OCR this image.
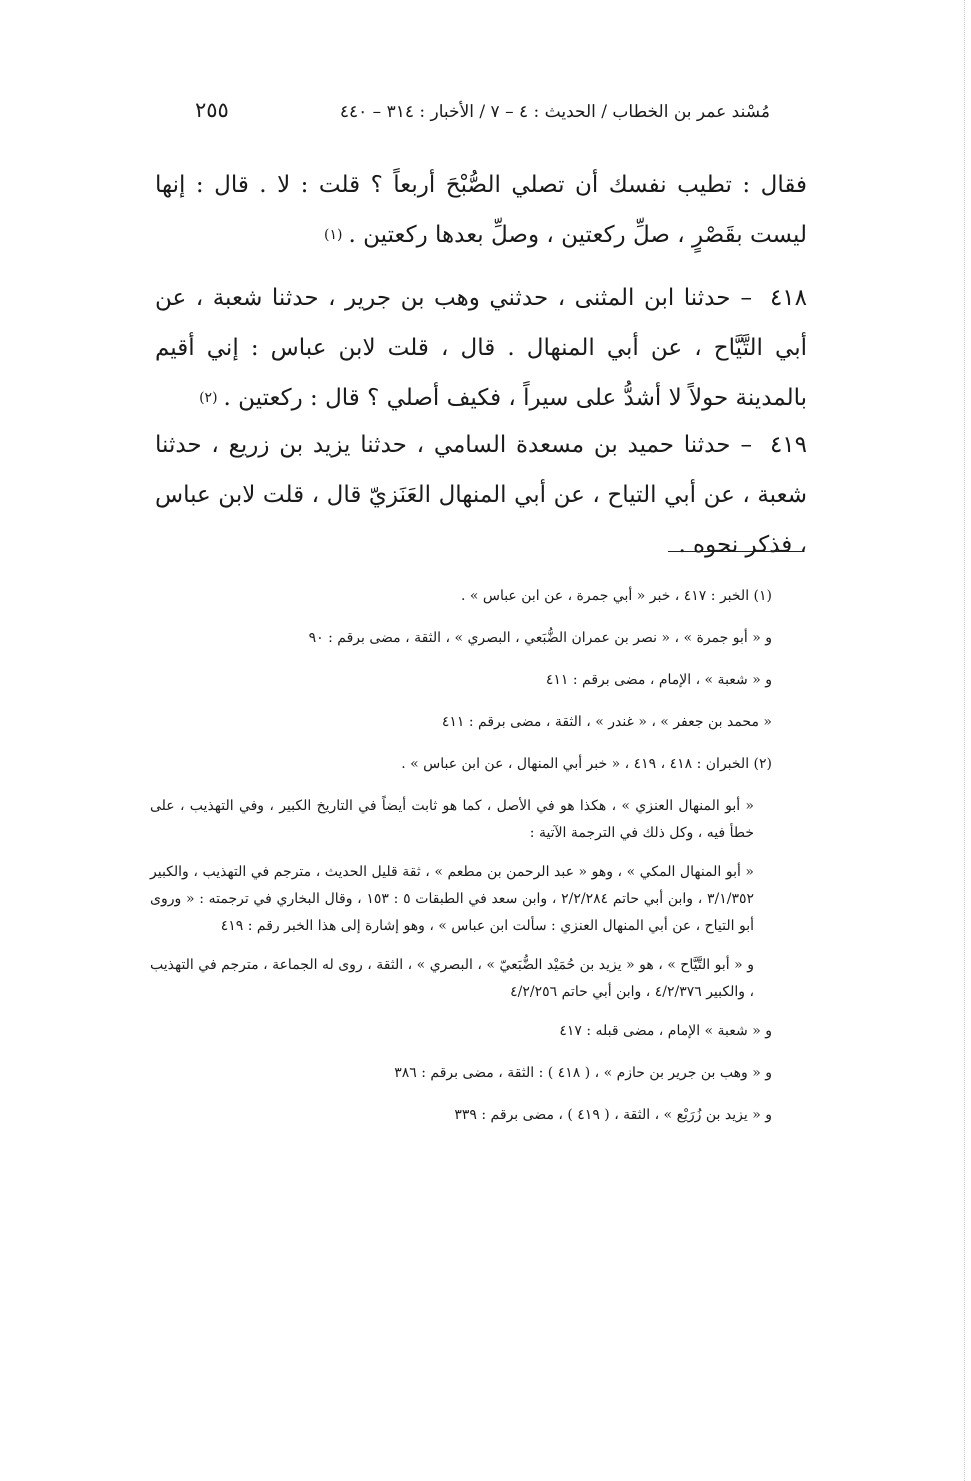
مُسْند عمر بن الخطاب / الحديث : ٤ – ٧ / الأخبار : ٣١٤ – ٤٤٠
٢٥٥
فقال : تطيب نفسك أن تصلي الصُّبْحَ أربعاً ؟ قلت : لا . قال : إنها ليست بقَصْرٍ ، صلِّ ركعتين ، وصلِّ بعدها ركعتين .$^{(١)}$
٤١٨–حدثنا ابن المثنى ، حدثني وهب بن جرير ، حدثنا شعبة ، عن أبي التَّيَّاح ، عن أبي المنهال . قال ، قلت لابن عباس : إني أقيم بالمدينة حولاً لا أشدُّ على سيراً ، فكيف أصلي ؟ قال : ركعتين .$^{(٢)}$
٤١٩–حدثنا حميد بن مسعدة السامي ، حدثنا يزيد بن زريع ، حدثنا شعبة ، عن أبي التياح ، عن أبي المنهال العَنَزيّ قال ، قلت لابن عباس ، فذكر نحوه .

(١) الخبر : ٤١٧ ، خبر « أبي جمرة ، عن ابن عباس » .

و « أبو جمرة » ، « نصر بن عمران الضُّبَعي ، البصري » ، الثقة ، مضى برقم : ٩٠

و « شعبة » ، الإمام ، مضى برقم : ٤١١

« محمد بن جعفر » ، « غندر » ، الثقة ، مضى برقم : ٤١١

(٢) الخبران : ٤١٨ ، ٤١٩ ، « خبر أبي المنهال ، عن ابن عباس » .

« أبو المنهال العنزي » ، هكذا هو في الأصل ، كما هو ثابت أيضاً في التاريخ الكبير ، وفي التهذيب ، على خطأ فيه ، وكل ذلك في الترجمة الآتية :

« أبو المنهال المكي » ، وهو « عبد الرحمن بن مطعم » ، ثقة قليل الحديث ، مترجم في التهذيب ، والكبير ٣/١/٣٥٢ ، وابن أبي حاتم ٢/٢/٢٨٤ ، وابن سعد في الطبقات ٥ : ١٥٣ ، وقال البخاري في ترجمته : « وروى أبو التياح ، عن أبي المنهال العنزي : سألت ابن عباس » ، وهو إشارة إلى هذا الخبر رقم : ٤١٩

و « أبو التَّيَّاح » ، هو « يزيد بن حُمَيْد الضُّبَعيّ » ، البصري » ، الثقة ، روى له الجماعة ، مترجم في التهذيب ، والكبير ٤/٢/٣٧٦ ، وابن أبي حاتم ٤/٢/٢٥٦

و « شعبة » الإمام ، مضى قبله : ٤١٧

و « وهب بن جرير بن حازم » ، ( ٤١٨ ) : الثقة ، مضى برقم : ٣٨٦

و « يزيد بن زُرَيْع » ، الثقة ، ( ٤١٩ ) ، مضى برقم : ٣٣٩
